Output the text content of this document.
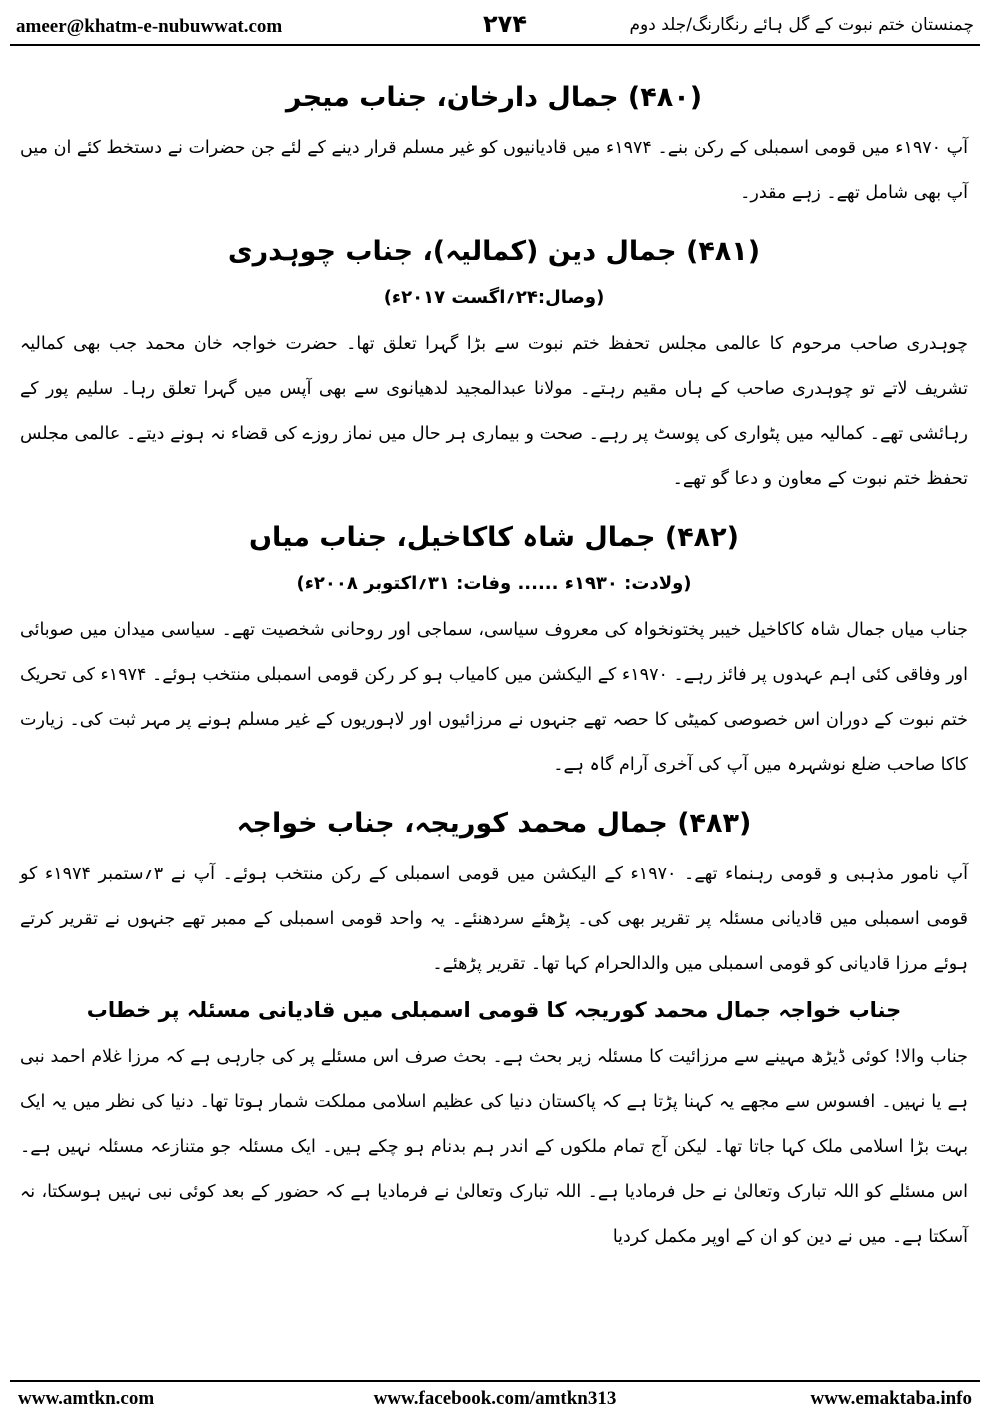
ameer@khatm-e-nubuwwat.com	۲۷۴	چمنستان ختم نبوت کے گل ہائے رنگارنگ/جلد دوم
(۴۸۰) جمال دارخان، جناب میجر

آپ ۱۹۷۰ء میں قومی اسمبلی کے رکن بنے۔ ۱۹۷۴ء میں قادیانیوں کو غیر مسلم قرار دینے کے لئے جن حضرات نے دستخط کئے ان میں آپ بھی شامل تھے۔ زہے مقدر۔

(۴۸۱) جمال دین (کمالیہ)، جناب چوہدری
(وصال:۲۴؍اگست ۲۰۱۷ء)

چوہدری صاحب مرحوم کا عالمی مجلس تحفظ ختم نبوت سے بڑا گہرا تعلق تھا۔ حضرت خواجہ خان محمد جب بھی کمالیہ تشریف لاتے تو چوہدری صاحب کے ہاں مقیم رہتے۔ مولانا عبدالمجید لدھیانوی سے بھی آپس میں گہرا تعلق رہا۔ سلیم پور کے رہائشی تھے۔ کمالیہ میں پٹواری کی پوسٹ پر رہے۔ صحت و بیماری ہر حال میں نماز روزے کی قضاء نہ ہونے دیتے۔ عالمی مجلس تحفظ ختم نبوت کے معاون و دعا گو تھے۔

(۴۸۲) جمال شاہ کاکاخیل، جناب میاں
(ولادت: ۱۹۳۰ء ...... وفات: ۳۱؍اکتوبر ۲۰۰۸ء)

جناب میاں جمال شاہ کاکاخیل خیبر پختونخواہ کی معروف سیاسی، سماجی اور روحانی شخصیت تھے۔ سیاسی میدان میں صوبائی اور وفاقی کئی اہم عہدوں پر فائز رہے۔ ۱۹۷۰ء کے الیکشن میں کامیاب ہو کر رکن قومی اسمبلی منتخب ہوئے۔ ۱۹۷۴ء کی تحریک ختم نبوت کے دوران اس خصوصی کمیٹی کا حصہ تھے جنہوں نے مرزائیوں اور لاہوریوں کے غیر مسلم ہونے پر مہر ثبت کی۔ زیارت کاکا صاحب ضلع نوشہرہ میں آپ کی آخری آرام گاہ ہے۔

(۴۸۳) جمال محمد کوریجہ، جناب خواجہ

آپ نامور مذہبی و قومی رہنماء تھے۔ ۱۹۷۰ء کے الیکشن میں قومی اسمبلی کے رکن منتخب ہوئے۔ آپ نے ۳؍ستمبر ۱۹۷۴ء کو قومی اسمبلی میں قادیانی مسئلہ پر تقریر بھی کی۔ پڑھئے سردھنئے۔ یہ واحد قومی اسمبلی کے ممبر تھے جنہوں نے تقریر کرتے ہوئے مرزا قادیانی کو قومی اسمبلی میں والدالحرام کہا تھا۔ تقریر پڑھئے۔

جناب خواجہ جمال محمد کوریجہ کا قومی اسمبلی میں قادیانی مسئلہ پر خطاب

جناب والا! کوئی ڈیڑھ مہینے سے مرزائیت کا مسئلہ زیر بحث ہے۔ بحث صرف اس مسئلے پر کی جارہی ہے کہ مرزا غلام احمد نبی ہے یا نہیں۔ افسوس سے مجھے یہ کہنا پڑتا ہے کہ پاکستان دنیا کی عظیم اسلامی مملکت شمار ہوتا تھا۔ دنیا کی نظر میں یہ ایک بہت بڑا اسلامی ملک کہا جاتا تھا۔ لیکن آج تمام ملکوں کے اندر ہم بدنام ہو چکے ہیں۔ ایک مسئلہ جو متنازعہ مسئلہ نہیں ہے۔ اس مسئلے کو اللہ تبارک وتعالیٰ نے حل فرمادیا ہے۔ اللہ تبارک وتعالیٰ نے فرمادیا ہے کہ حضور کے بعد کوئی نبی نہیں ہوسکتا، نہ آسکتا ہے۔ میں نے دین کو ان کے اوپر مکمل کردیا

www.amtkn.com	www.facebook.com/amtkn313	www.emaktaba.info
